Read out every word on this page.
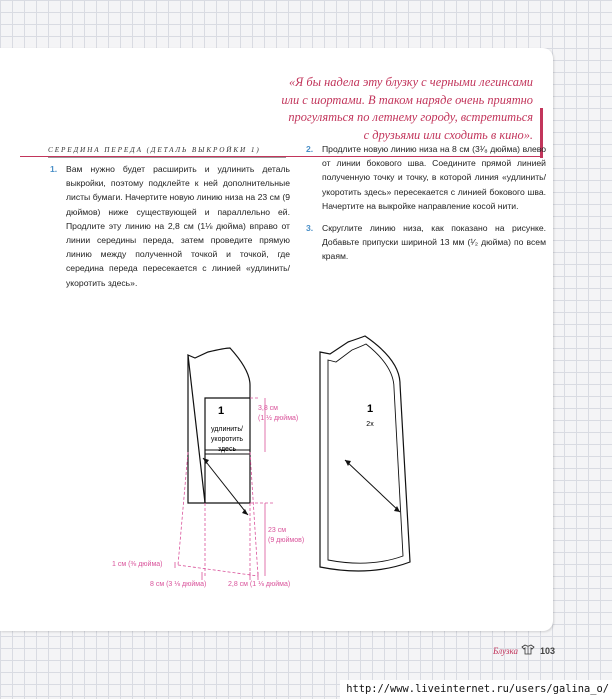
«Я бы надела эту блузку с черными легинсами
или с шортами. В таком наряде очень приятно
прогуляться по летнему городу, встретиться
с друзьями или сходить в кино».
СЕРЕДИНА ПЕРЕДА (ДЕТАЛЬ ВЫКРОЙКИ 1)

1. Вам нужно будет расширить и удлинить деталь выкройки, поэтому подклейте к ней дополнительные листы бумаги. Начертите новую линию низа на 23 см (9 дюймов) ниже существующей и параллельно ей. Продлите эту линию на 2,8 см (1⅛ дюйма) вправо от линии середины переда, затем проведите прямую линию между полученной точкой и точкой, где середина переда пересекается с линией «удлинить/укоротить здесь».

2. Продлите новую линию низа на 8 см (3¹⁄₈ дюйма) влево от линии бокового шва. Соедините прямой линией полученную точку и точку, в которой линия «удлинить/укоротить здесь» пересекается с линией бокового шва. Начертите на выкройке направление косой нити.

3. Скруглите линию низа, как показано на рисунке. Добавьте припуски шириной 13 мм (¹⁄₂ дюйма) по всем краям.

1
удлинить/
укоротить
здесь
3,8 см
(1 ½ дюйма)
23 см
(9 дюймов)
1 см (⅜ дюйма)
8 см (3 ⅛ дюйма)	2,8 см (1 ⅛ дюйма)
1
2x
Блузка 103
http://www.liveinternet.ru/users/galina_o/
